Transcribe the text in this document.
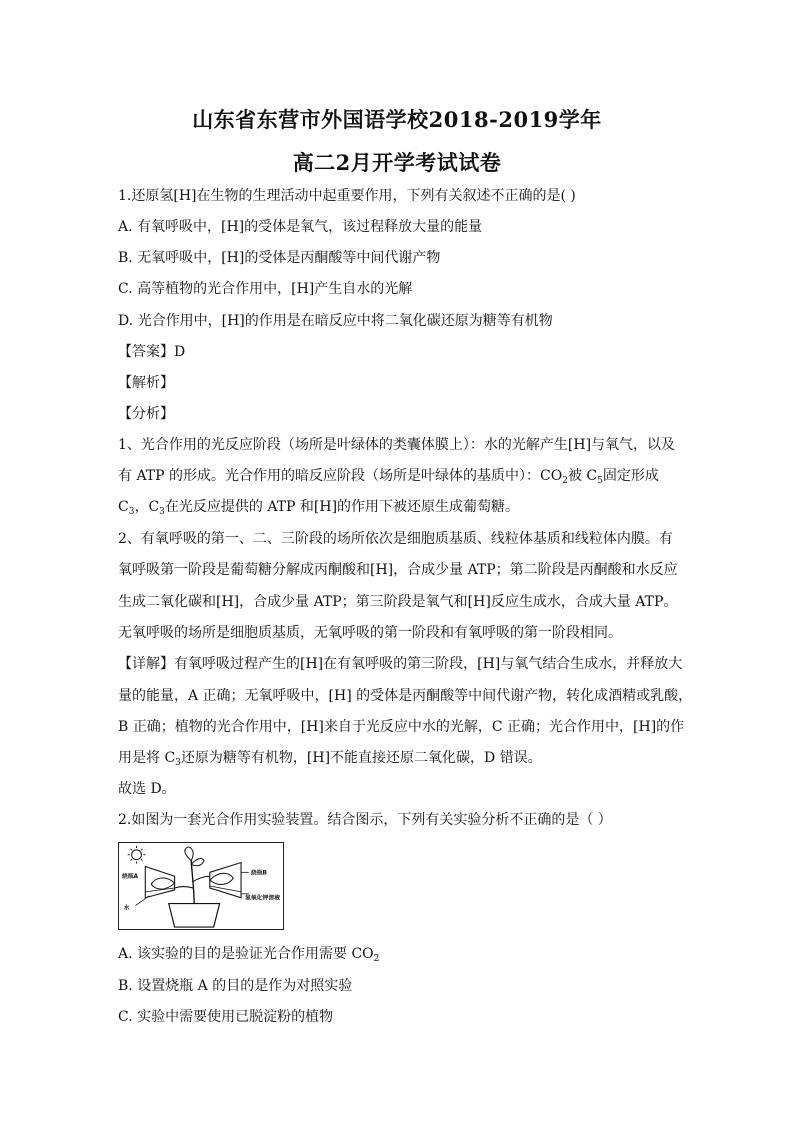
山东省东营市外国语学校2018-2019学年
高二2月开学考试试卷
1.还原氢[H]在生物的生理活动中起重要作用，下列有关叙述不正确的是( )
A. 有氧呼吸中，[H]的受体是氧气，该过程释放大量的能量
B. 无氧呼吸中，[H]的受体是丙酮酸等中间代谢产物
C. 高等植物的光合作用中，[H]产生自水的光解
D. 光合作用中，[H]的作用是在暗反应中将二氧化碳还原为糖等有机物
【答案】D
【解析】
【分析】
1、光合作用的光反应阶段（场所是叶绿体的类囊体膜上）：水的光解产生[H]与氧气，以及
有 ATP 的形成。光合作用的暗反应阶段（场所是叶绿体的基质中）：$CO_2$被 $C_5$固定形成
$C_3$，$C_3$在光反应提供的 ATP 和[H]的作用下被还原生成葡萄糖。
2、有氧呼吸的第一、二、三阶段的场所依次是细胞质基质、线粒体基质和线粒体内膜。有
氧呼吸第一阶段是葡萄糖分解成丙酮酸和[H]，合成少量 ATP；第二阶段是丙酮酸和水反应
生成二氧化碳和[H]，合成少量 ATP；第三阶段是氧气和[H]反应生成水，合成大量 ATP。
无氧呼吸的场所是细胞质基质，无氧呼吸的第一阶段和有氧呼吸的第一阶段相同。
【详解】有氧呼吸过程产生的[H]在有氧呼吸的第三阶段，[H]与氧气结合生成水，并释放大
量的能量，A 正确；无氧呼吸中，[H] 的受体是丙酮酸等中间代谢产物，转化成酒精或乳酸，
B 正确；植物的光合作用中，[H]来自于光反应中水的光解，C 正确；光合作用中，[H]的作
用是将 $C_3$还原为糖等有机物，[H]不能直接还原二氧化碳，D 错误。
故选 D。
2.如图为一套光合作用实验装置。结合图示，下列有关实验分析不正确的是（ ）
烧瓶A
水
烧瓶B
氢氧化钾溶液
A. 该实验的目的是验证光合作用需要 $CO_2$
B. 设置烧瓶 A 的目的是作为对照实验
C. 实验中需要使用已脱淀粉的植物
